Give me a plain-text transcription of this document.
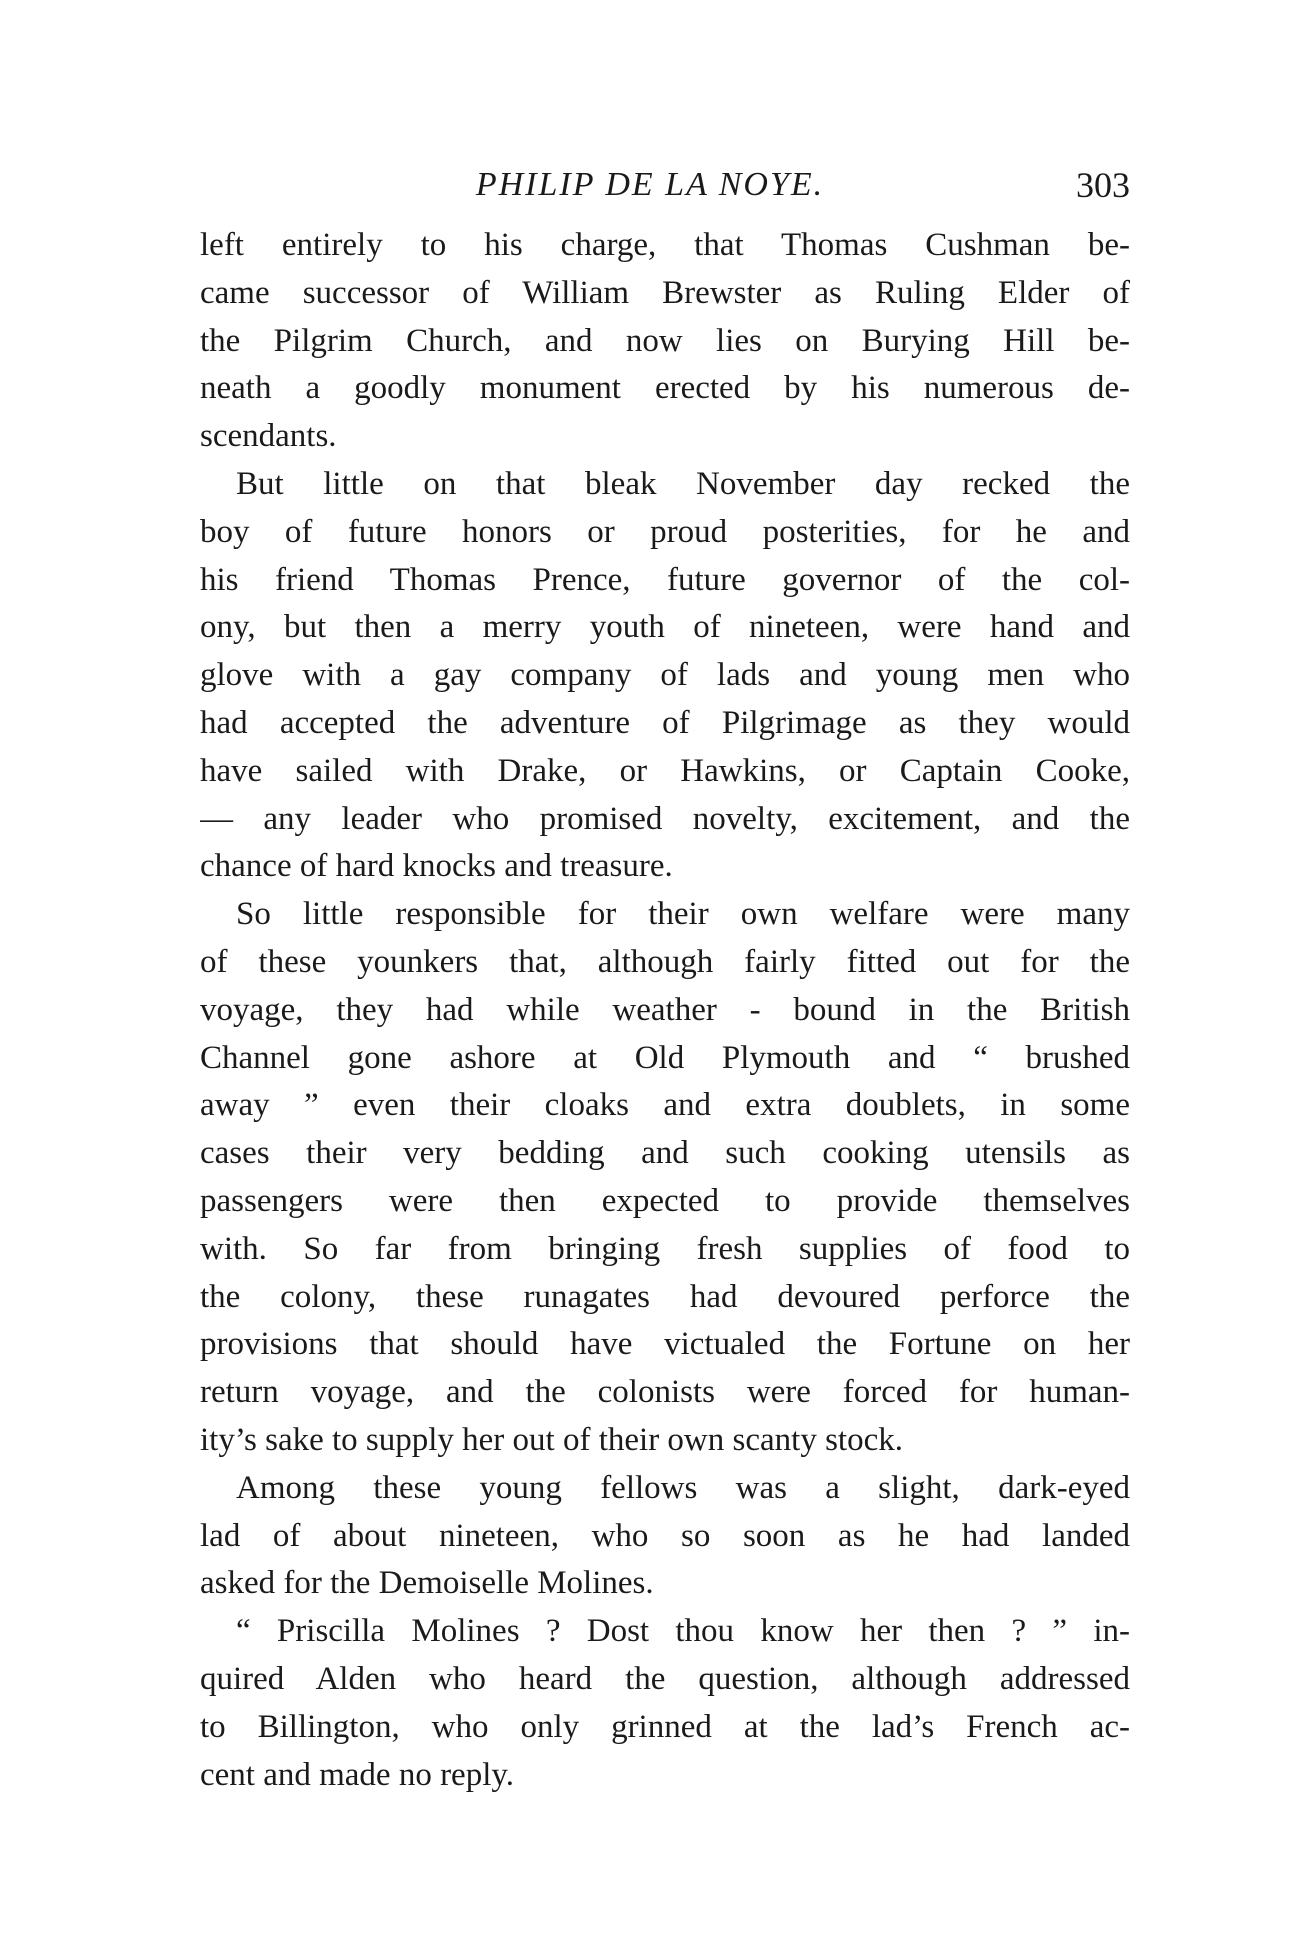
PHILIP DE LA NOYE.	303
left entirely to his charge, that Thomas Cushman be-
came successor of William Brewster as Ruling Elder of
the Pilgrim Church, and now lies on Burying Hill be-
neath a goodly monument erected by his numerous de-
scendants.
But little on that bleak November day recked the
boy of future honors or proud posterities, for he and
his friend Thomas Prence, future governor of the col-
ony, but then a merry youth of nineteen, were hand and
glove with a gay company of lads and young men who
had accepted the adventure of Pilgrimage as they would
have sailed with Drake, or Hawkins, or Captain Cooke,
— any leader who promised novelty, excitement, and the
chance of hard knocks and treasure.
So little responsible for their own welfare were many
of these younkers that, although fairly fitted out for the
voyage, they had while weather - bound in the British
Channel gone ashore at Old Plymouth and “ brushed
away ” even their cloaks and extra doublets, in some
cases their very bedding and such cooking utensils as
passengers were then expected to provide themselves
with. So far from bringing fresh supplies of food to
the colony, these runagates had devoured perforce the
provisions that should have victualed the Fortune on her
return voyage, and the colonists were forced for human-
ity’s sake to supply her out of their own scanty stock.
Among these young fellows was a slight, dark-eyed
lad of about nineteen, who so soon as he had landed
asked for the Demoiselle Molines.
“ Priscilla Molines ? Dost thou know her then ? ” in-
quired Alden who heard the question, although addressed
to Billington, who only grinned at the lad’s French ac-
cent and made no reply.
